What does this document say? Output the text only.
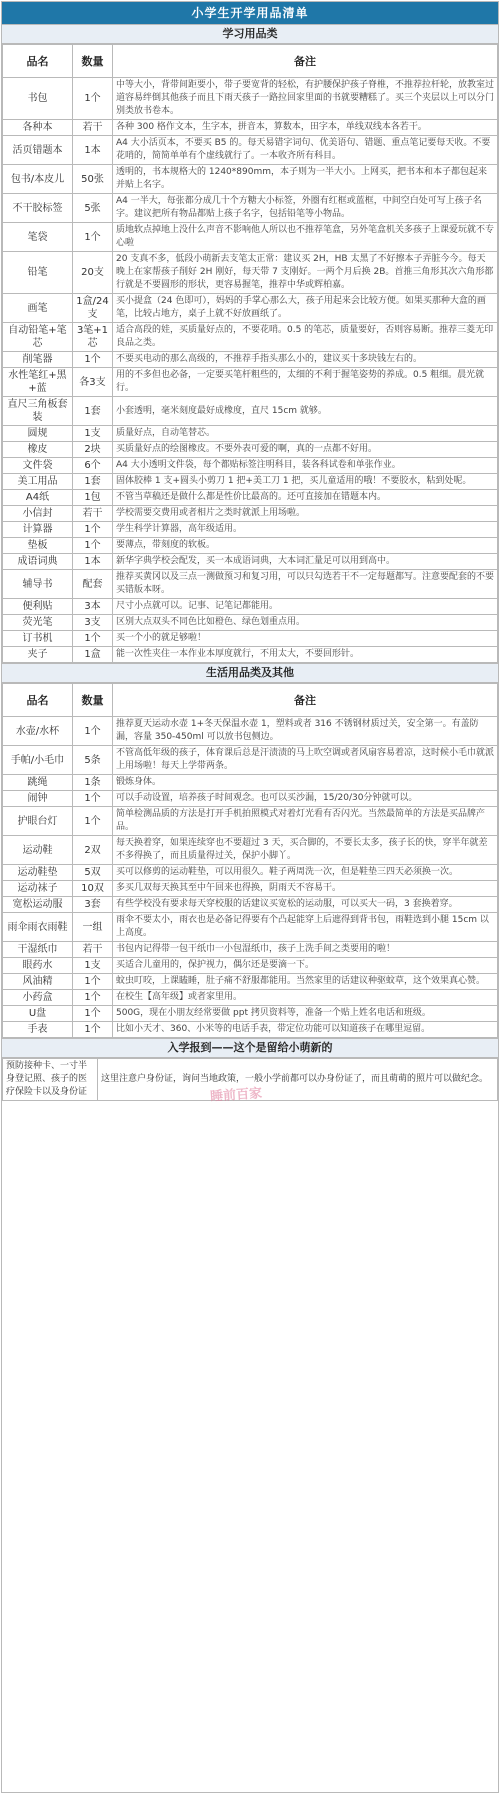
小学生开学用品清单
学习用品类
品名	数量	备注
书包	1个	中等大小，背带间距要小，带子要宽背的轻松，有护腰保护孩子脊椎，不推荐拉杆轮，放教室过道容易绊倒其他孩子而且下雨天孩子一路拉回家里面的书就要糟糕了。买三个夹层以上可以分门别类放书卷本。
各种本	若干	各种 300 格作文本，生字本，拼音本，算数本，田字本，单线双线本各若干。
活页错题本	1本	A4 大小活页本，不要买 B5 的。每天易错字词句、优美语句、错题、重点笔记要每天收。不要花哨的，简简单单有个虚线就行了。一本收齐所有科目。
包书/本皮儿	50张	透明的，书本规格大的 1240*890mm，本子则为一半大小。上网买，把书本和本子都包起来并贴上名字。
不干胶标签	5张	A4 一半大，每张都分成几十个方糖大小标签，外圈有红框或蓝框，中间空白处可写上孩子名字。建议把所有物品都贴上孩子名字，包括铅笔等小物品。
笔袋	1个	质地软点掉地上没什么声音不影响他人所以也不推荐笔盒，另外笔盒机关多孩子上课爱玩就不专心啦
铅笔	20支	20 支真不多，低段小萌新去支笔太正常：建议买 2H，HB 太黑了不好擦本子弄脏今今。每天晚上在家帮孩子削好 2H 刚好，每天带 7 支刚好。一两个月后换 2B。首推三角形其次六角形都行就是不要圆形的形状，更容易握笔，推荐中华或辉柏嘉。
画笔	1盒/24支	买小提盒（24 色即可），妈妈的手掌心那么大，孩子用起来会比较方便。如果买那种大盒的画笔，比较占地方，桌子上就不好放画纸了。
自动铅笔+笔芯	3笔+1芯	适合高段的娃，买质量好点的，不要花哨。0.5 的笔芯，质量要好，否则容易断。推荐三菱无印良品之类。
削笔器	1个	不要买电动的那么高级的，不推荐手指头那么小的，建议买十多块钱左右的。
水性笔红+黑+蓝	各3支	用的不多但也必备，一定要买笔杆粗些的，太细的不利于握笔姿势的养成。0.5 粗细。晨光就行。
直尺三角板套装	1套	小套透明，毫米刻度最好成橡度，直尺 15cm 就够。
圆规	1支	质量好点，自动笔替芯。
橡皮	2块	买质量好点的绘图橡皮。不要外表可爱的啊，真的一点都不好用。
文件袋	6个	A4 大小透明文件袋，每个都贴标签注明科目，装各科试卷和单张作业。
美工用品	1套	固体胶棒 1 支+圆头小剪刀 1 把+美工刀 1 把，买儿童适用的哦！不要胶水，粘到处呢。
A4纸	1包	不管当草稿还是做什么都是性价比最高的。还可直接加在错题本内。
小信封	若干	学校需要交费用或者相片之类时就派上用场啦。
计算器	1个	学生科学计算器，高年级适用。
垫板	1个	要薄点，带刻度的软板。
成语词典	1本	新华字典学校会配发，买一本成语词典，大本词汇量足可以用到高中。
辅导书	配套	推荐买黄冈以及三点一测做预习和复习用，可以只勾选若干不一定每题都写。注意要配套的不要买错版本呀。
便利贴	3本	尺寸小点就可以。记事、记笔记都能用。
荧光笔	3支	区别大点双头不同色比如橙色、绿色划重点用。
订书机	1个	买一个小的就足够啦！
夹子	1盒	能一次性夹住一本作业本厚度就行，不用太大，不要回形针。
生活用品类及其他
品名	数量	备注
水壶/水杯	1个	推荐夏天运动水壶 1+冬天保温水壶 1，塑料或者 316 不锈钢材质过关，安全第一。有盖防漏，容量 350-450ml 可以放书包侧边。
手帕/小毛巾	5条	不管高低年级的孩子，体育课后总是汗渍渍的马上吹空调或者风扇容易着凉，这时候小毛巾就派上用场啦！每天上学带两条。
跳绳	1条	锻炼身体。
闹钟	1个	可以手动设置，培养孩子时间观念。也可以买沙漏，15/20/30分钟就可以。
护眼台灯	1个	简单检测品质的方法是打开手机拍照模式对着灯光看有否闪光。当然最简单的方法是买品牌产品。
运动鞋	2双	每天换着穿，如果连续穿也不要超过 3 天，买合脚的，不要长太多，孩子长的快，穿半年就差不多得换了，而且质量得过关，保护小脚丫。
运动鞋垫	5双	买可以修剪的运动鞋垫，可以用很久。鞋子两周洗一次，但是鞋垫三四天必须换一次。
运动袜子	10双	多买几双每天换其至中午回来也得换，阴雨天不容易干。
宽松运动服	3套	有些学校没有要求每天穿校服的话建议买宽松的运动服，可以买大一码，3 套换着穿。
雨伞雨衣雨鞋	一组	雨伞不要太小，雨衣也是必备记得要有个凸起能穿上后遮得到背书包，雨鞋选到小腿 15cm 以上高度。
干湿纸巾	若干	书包内记得带一包干纸巾一小包湿纸巾，孩子上洗手间之类要用的啦！
眼药水	1支	买适合儿童用的，保护视力，偶尔还是要滴一下。
风油精	1个	蚊虫叮咬，上课瞌睡，肚子痛不舒服都能用。当然家里的话建议种驱蚊草，这个效果真心赞。
小药盒	1个	在校生【高年级】或者家里用。
U盘	1个	500G，现在小朋友经常要做 ppt 拷贝资料等，准备一个贴上姓名电话和班级。
手表	1个	比如小天才、360、小米等的电话手表，带定位功能可以知道孩子在哪里逗留。
入学报到——这个是留给小萌新的
预防接种卡、一寸半身登记照、孩子的医疗保险卡以及身份证	这里注意户身份证，询问当地政策，一般小学前都可以办身份证了，而且萌萌的照片可以做纪念。
睡前百家
